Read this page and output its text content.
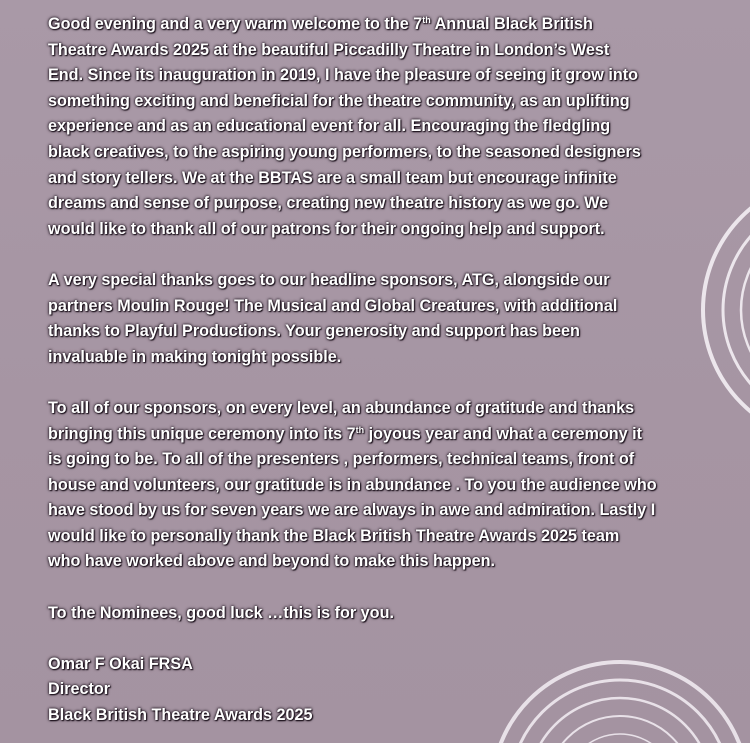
Good evening and a very warm welcome to the 7th Annual Black British
Theatre Awards 2025 at the beautiful Piccadilly Theatre in London’s West
End. Since its inauguration in 2019, I have the pleasure of seeing it grow into
something exciting and beneficial for the theatre community, as an uplifting
experience and as an educational event for all. Encouraging the fledgling
black creatives, to the aspiring young performers, to the seasoned designers
and story tellers. We at the BBTAS are a small team but encourage infinite
dreams and sense of purpose, creating new theatre history as we go. We
would like to thank all of our patrons for their ongoing help and support.

A very special thanks goes to our headline sponsors, ATG, alongside our
partners Moulin Rouge! The Musical and Global Creatures, with additional
thanks to Playful Productions. Your generosity and support has been
invaluable in making tonight possible.

To all of our sponsors, on every level, an abundance of gratitude and thanks
bringing this unique ceremony into its 7th joyous year and what a ceremony it
is going to be. To all of the presenters , performers, technical teams, front of
house and volunteers, our gratitude is in abundance . To you the audience who
have stood by us for seven years we are always in awe and admiration. Lastly I
would like to personally thank the Black British Theatre Awards 2025 team
who have worked above and beyond to make this happen.

To the Nominees, good luck …this is for you.

Omar F Okai FRSA
Director
Black British Theatre Awards 2025
